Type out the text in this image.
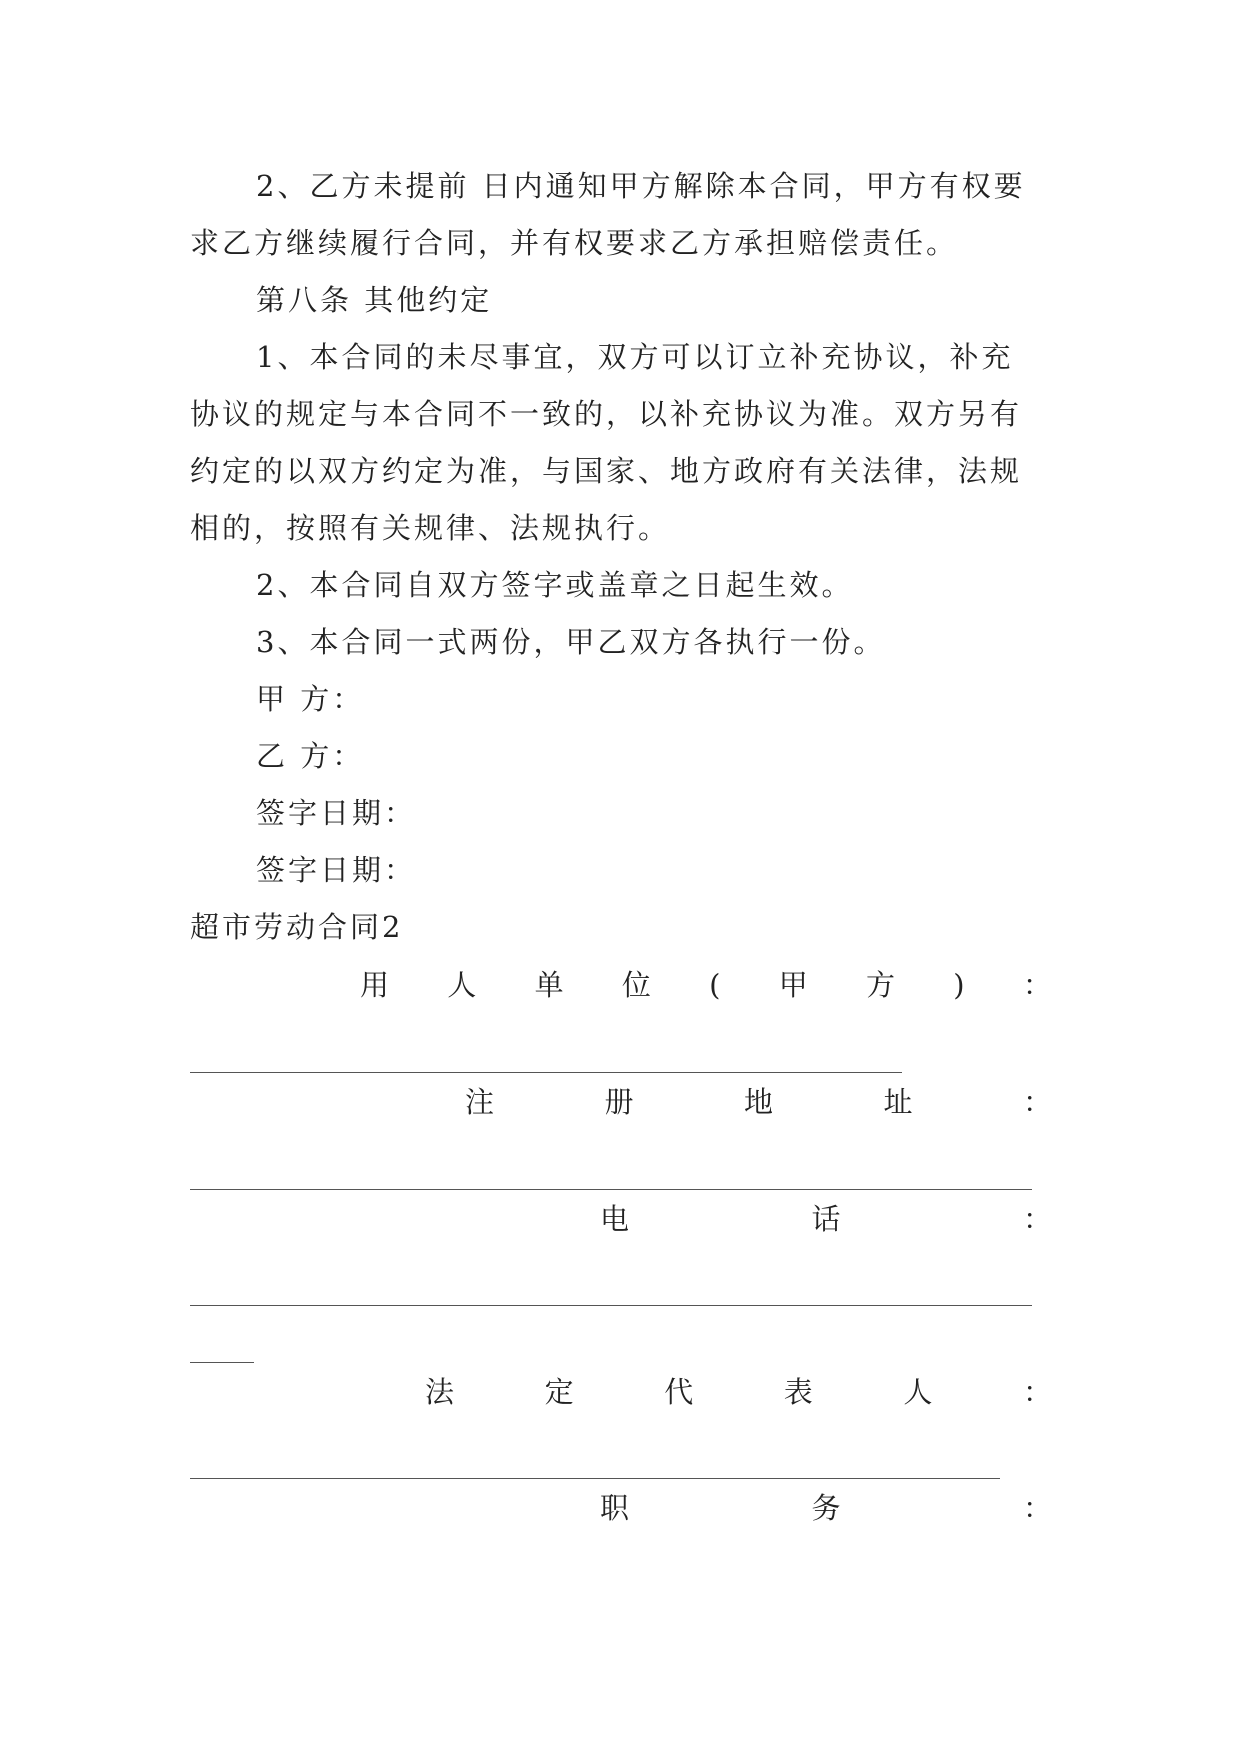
2、乙方未提前 日内通知甲方解除本合同，甲方有权要
求乙方继续履行合同，并有权要求乙方承担赔偿责任。
第八条 其他约定
1、本合同的未尽事宜，双方可以订立补充协议，补充
协议的规定与本合同不一致的，以补充协议为准。双方另有
约定的以双方约定为准，与国家、地方政府有关法律，法规
相的，按照有关规律、法规执行。
2、本合同自双方签字或盖章之日起生效。
3、本合同一式两份，甲乙双方各执行一份。
甲 方：
乙 方：
签字日期：
签字日期：
超市劳动合同2
用 人 单 位 ( 甲 方 ) ：
注	册	地	址	：
电	话	：
法	定	代	表	人	：
职	务	：
